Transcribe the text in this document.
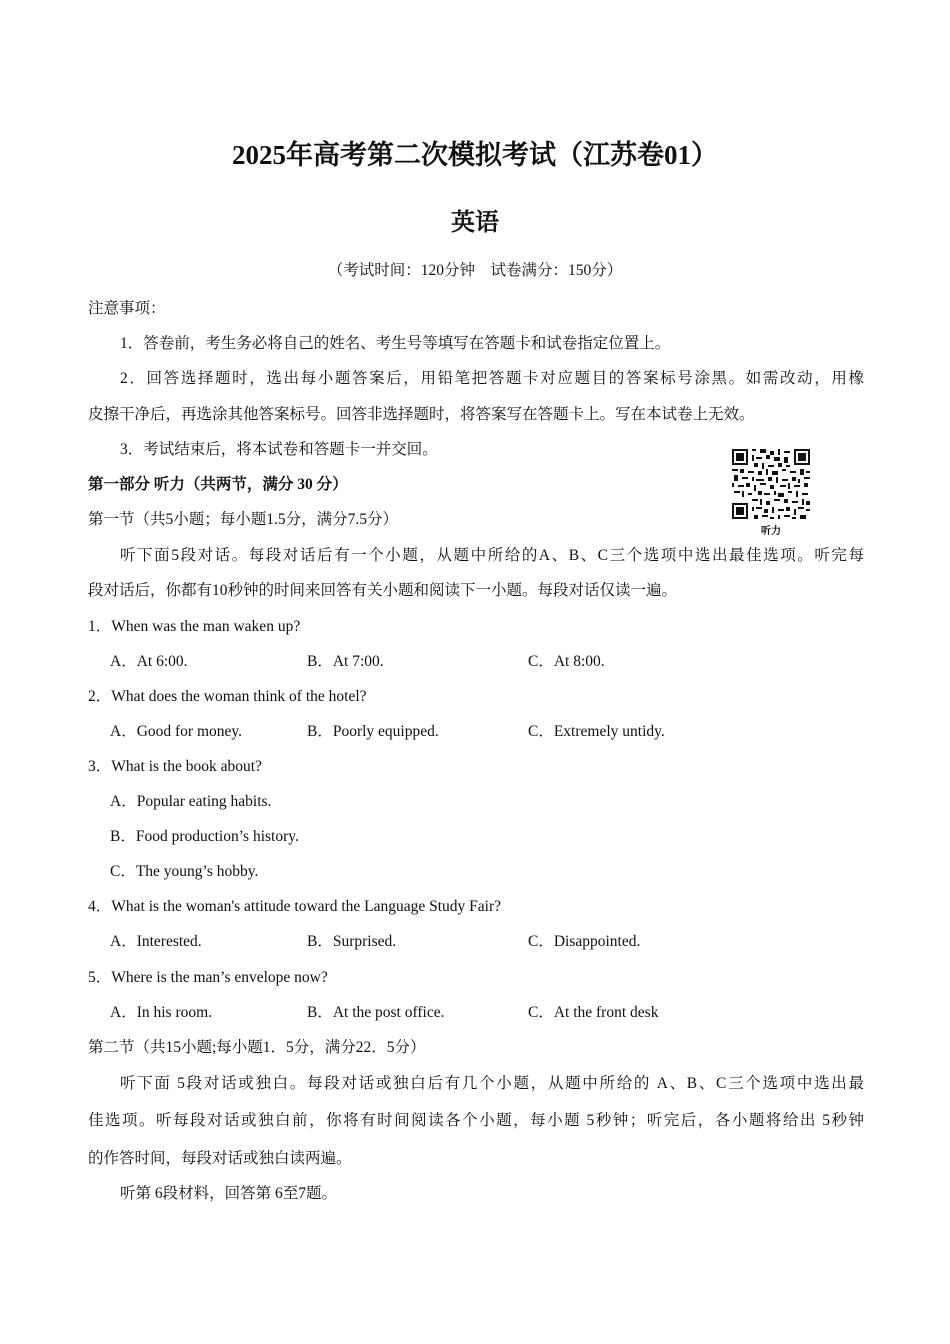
2025年高考第二次模拟考试（江苏卷01）
英语
（考试时间：120分钟　试卷满分：150分）
注意事项：
1．答卷前，考生务必将自己的姓名、考生号等填写在答题卡和试卷指定位置上。
2．回答选择题时，选出每小题答案后，用铅笔把答题卡对应题目的答案标号涂黑。如需改动，用橡
皮擦干净后，再选涂其他答案标号。回答非选择题时，将答案写在答题卡上。写在本试卷上无效。
3．考试结束后，将本试卷和答题卡一并交回。
第一部分 听力（共两节，满分 30 分）
听力
第一节（共5小题；每小题1.5分，满分7.5分）
听下面5段对话。每段对话后有一个小题，从题中所给的A、B、C三个选项中选出最佳选项。听完每
段对话后，你都有10秒钟的时间来回答有关小题和阅读下一小题。每段对话仅读一遍。
1．When was the man waken up?
A．At 6:00.	B．At 7:00.	C．At 8:00.
2．What does the woman think of the hotel?
A．Good for money.	B．Poorly equipped.	C．Extremely untidy.
3．What is the book about?
A．Popular eating habits.
B．Food production’s history.
C．The young’s hobby.
4．What is the woman's attitude toward the Language Study Fair?
A．Interested.	B．Surprised.	C．Disappointed.
5．Where is the man’s envelope now?
A．In his room.	B．At the post office.	C．At the front desk
第二节（共15小题;每小题1．5分，满分22．5分）
听下面 5段对话或独白。每段对话或独白后有几个小题，从题中所给的 A、B、C三个选项中选出最
佳选项。听每段对话或独白前，你将有时间阅读各个小题，每小题 5秒钟；听完后，各小题将给出 5秒钟
的作答时间，每段对话或独白读两遍。
听第 6段材料，回答第 6至7题。
